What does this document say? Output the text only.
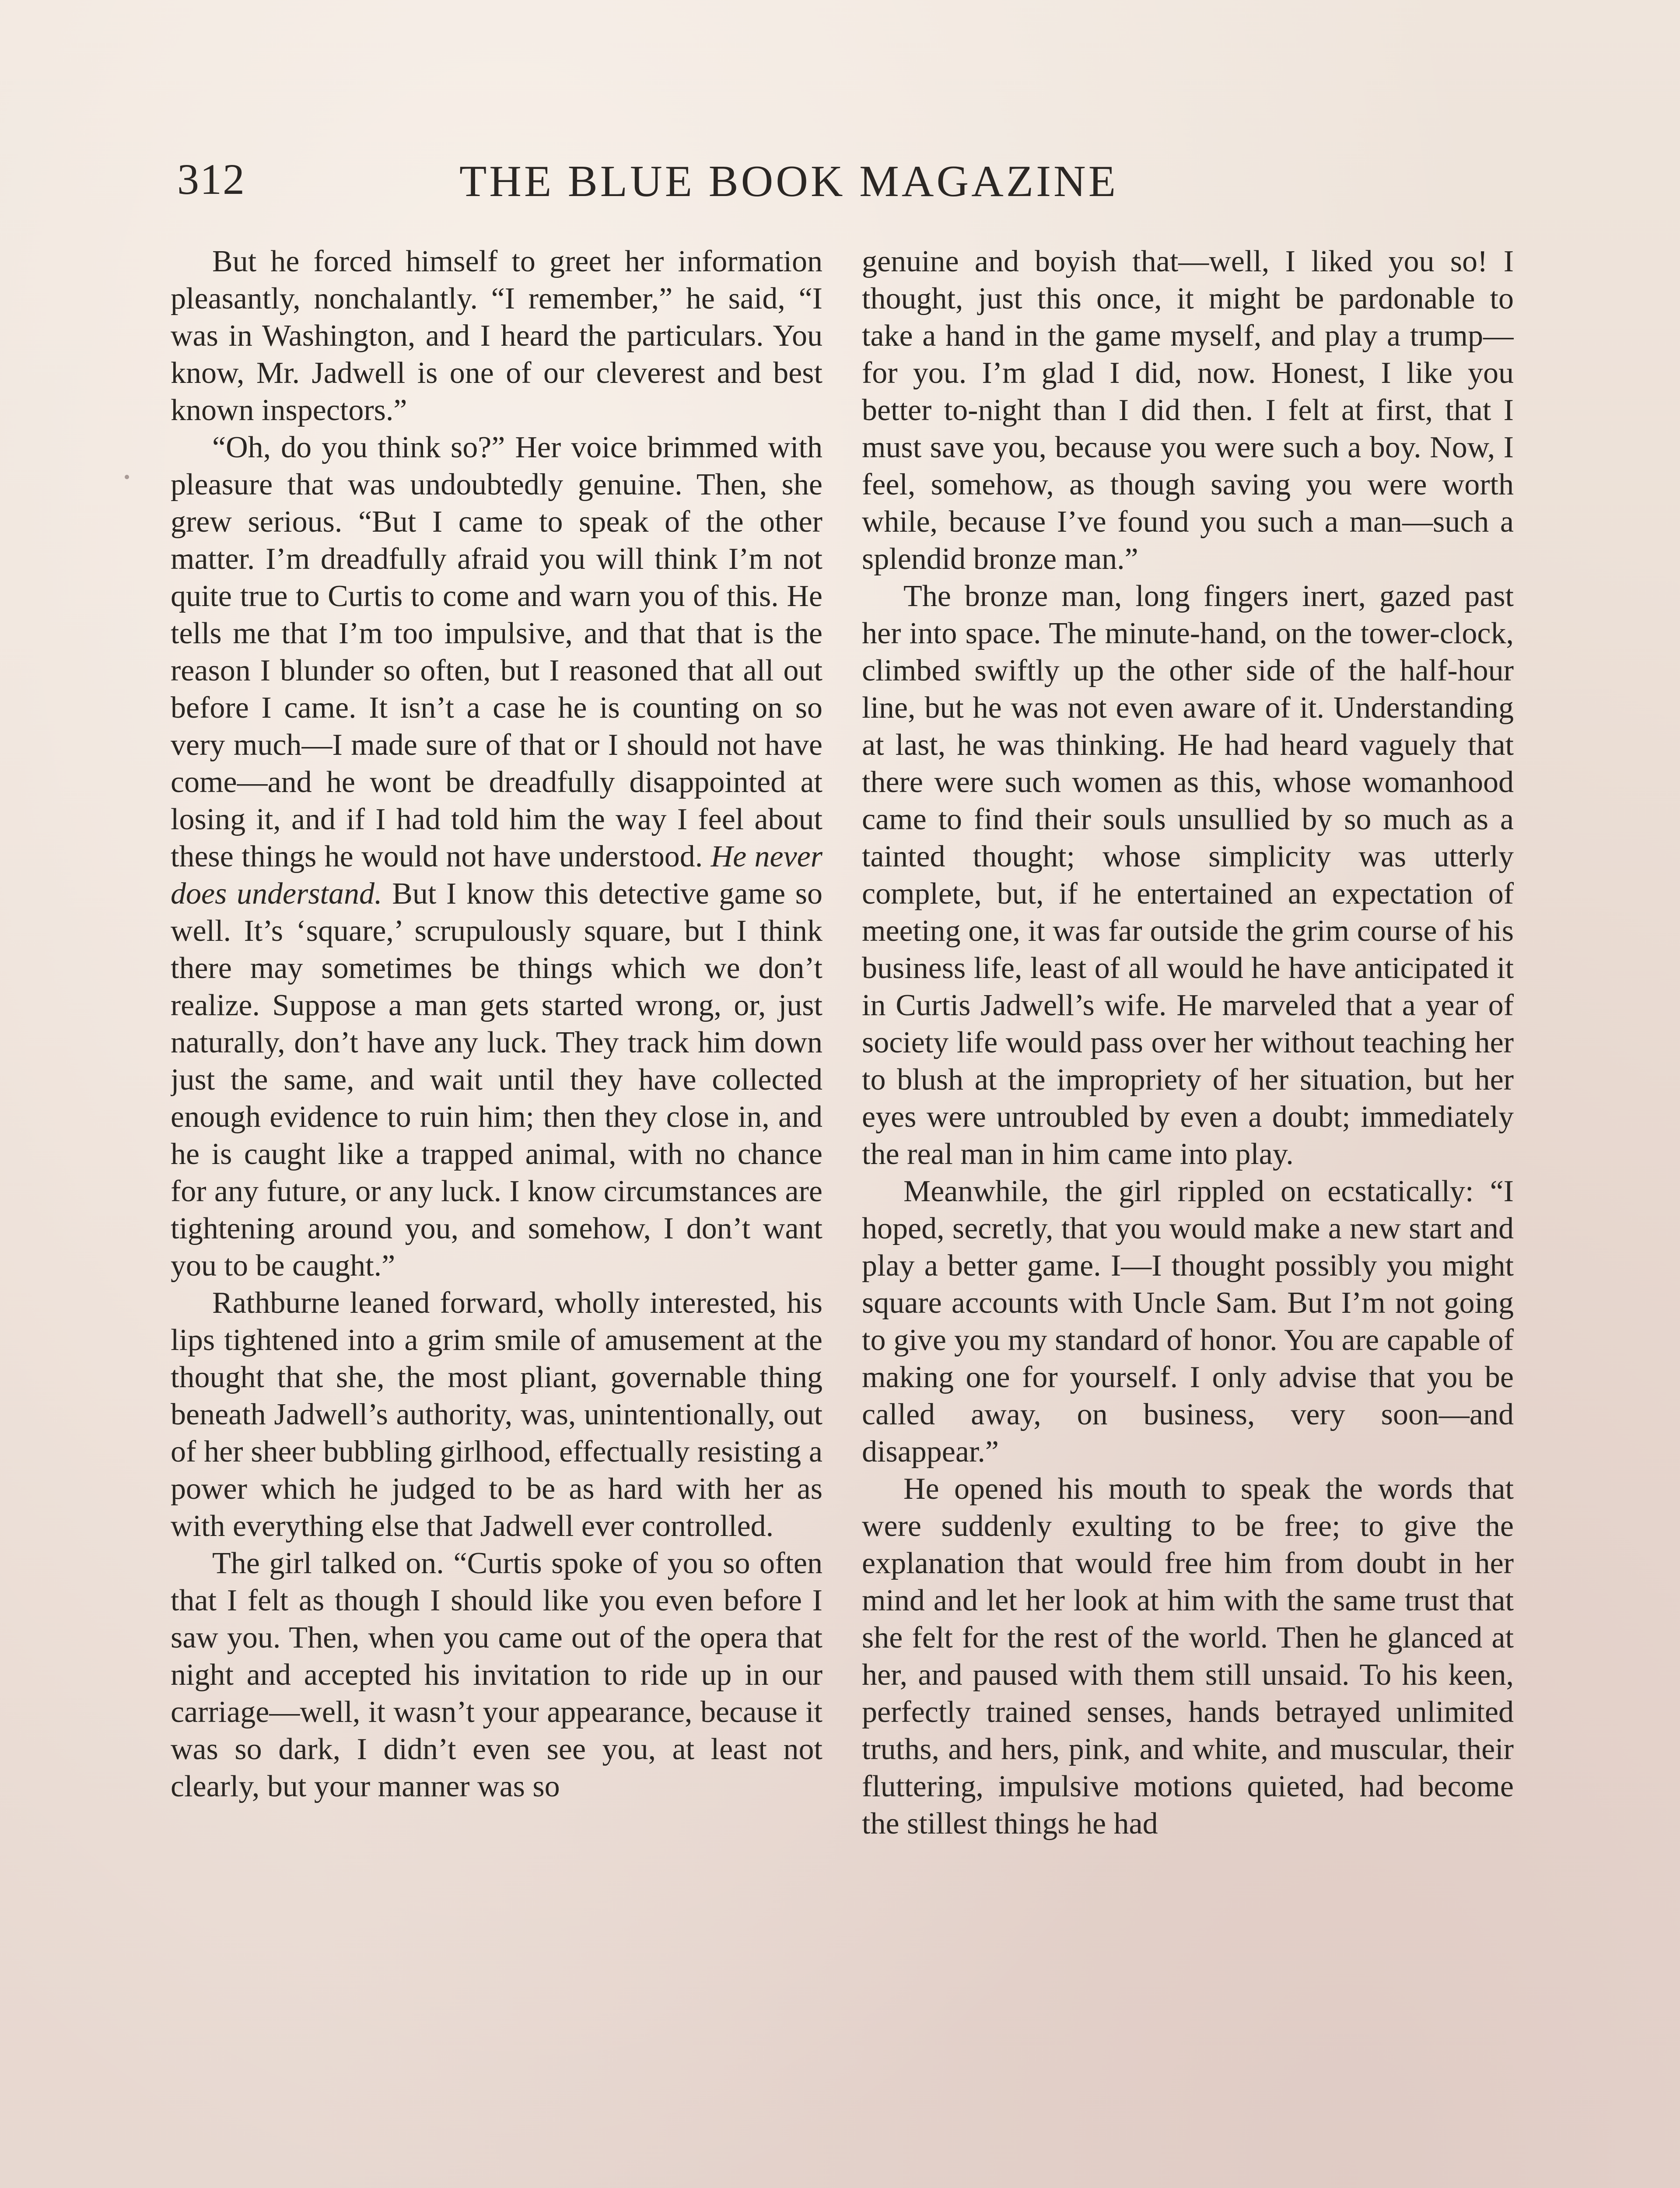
312	THE BLUE BOOK MAGAZINE

But he forced himself to greet her information pleasantly, nonchalantly. “I remember,” he said, “I was in Washington, and I heard the particulars. You know, Mr. Jadwell is one of our cleverest and best known inspectors.”

“Oh, do you think so?” Her voice brimmed with pleasure that was undoubtedly genuine. Then, she grew serious. “But I came to speak of the other matter. I’m dreadfully afraid you will think I’m not quite true to Curtis to come and warn you of this. He tells me that I’m too impulsive, and that that is the reason I blunder so often, but I reasoned that all out before I came. It isn’t a case he is counting on so very much—I made sure of that or I should not have come—and he wont be dreadfully disappointed at losing it, and if I had told him the way I feel about these things he would not have understood. He never does understand. But I know this detective game so well. It’s ‘square,’ scrupulously square, but I think there may sometimes be things which we don’t realize. Suppose a man gets started wrong, or, just naturally, don’t have any luck. They track him down just the same, and wait until they have collected enough evidence to ruin him; then they close in, and he is caught like a trapped animal, with no chance for any future, or any luck. I know circumstances are tightening around you, and somehow, I don’t want you to be caught.”

Rathburne leaned forward, wholly interested, his lips tightened into a grim smile of amusement at the thought that she, the most pliant, governable thing beneath Jadwell’s authority, was, unintentionally, out of her sheer bubbling girlhood, effectually resisting a power which he judged to be as hard with her as with everything else that Jadwell ever controlled.

The girl talked on. “Curtis spoke of you so often that I felt as though I should like you even before I saw you. Then, when you came out of the opera that night and accepted his invitation to ride up in our carriage—well, it wasn’t your appearance, because it was so dark, I didn’t even see you, at least not clearly, but your manner was so

genuine and boyish that—well, I liked you so! I thought, just this once, it might be pardonable to take a hand in the game myself, and play a trump—for you. I’m glad I did, now. Honest, I like you better to-night than I did then. I felt at first, that I must save you, because you were such a boy. Now, I feel, somehow, as though saving you were worth while, because I’ve found you such a man—such a splendid bronze man.”

The bronze man, long fingers inert, gazed past her into space. The minute-hand, on the tower-clock, climbed swiftly up the other side of the half-hour line, but he was not even aware of it. Understanding at last, he was thinking. He had heard vaguely that there were such women as this, whose womanhood came to find their souls unsullied by so much as a tainted thought; whose simplicity was utterly complete, but, if he entertained an expectation of meeting one, it was far outside the grim course of his business life, least of all would he have anticipated it in Curtis Jadwell’s wife. He marveled that a year of society life would pass over her without teaching her to blush at the impropriety of her situation, but her eyes were untroubled by even a doubt; immediately the real man in him came into play.

Meanwhile, the girl rippled on ecstatically: “I hoped, secretly, that you would make a new start and play a better game. I—I thought possibly you might square accounts with Uncle Sam. But I’m not going to give you my standard of honor. You are capable of making one for yourself. I only advise that you be called away, on business, very soon—and disappear.”

He opened his mouth to speak the words that were suddenly exulting to be free; to give the explanation that would free him from doubt in her mind and let her look at him with the same trust that she felt for the rest of the world. Then he glanced at her, and paused with them still unsaid. To his keen, perfectly trained senses, hands betrayed unlimited truths, and hers, pink, and white, and muscular, their fluttering, impulsive motions quieted, had become the stillest things he had
